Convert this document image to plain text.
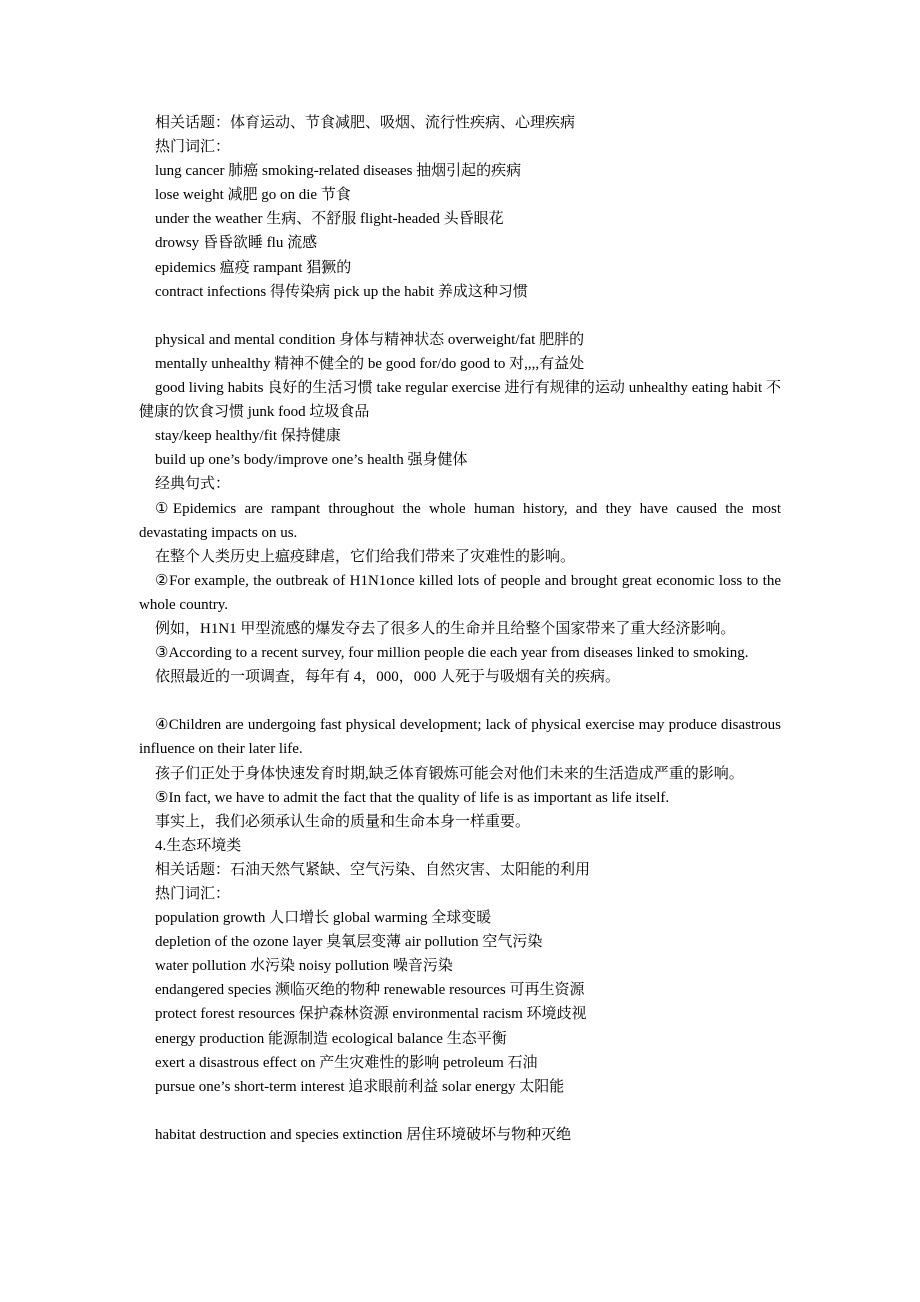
相关话题：体育运动、节食减肥、吸烟、流行性疾病、心理疾病

热门词汇：

lung cancer 肺癌 smoking-related diseases 抽烟引起的疾病

lose weight 减肥 go on die 节食

under the weather 生病、不舒服 flight-headed 头昏眼花

drowsy 昏昏欲睡 flu 流感

epidemics 瘟疫 rampant 猖獗的

contract infections 得传染病 pick up the habit 养成这种习惯

physical and mental condition 身体与精神状态 overweight/fat 肥胖的

mentally unhealthy 精神不健全的 be good for/do good to 对,,,,有益处

good living habits 良好的生活习惯 take regular exercise 进行有规律的运动 unhealthy eating habit 不健康的饮食习惯 junk food 垃圾食品

stay/keep healthy/fit 保持健康

build up one’s body/improve one’s health 强身健体

经典句式：

①Epidemics are rampant throughout the whole human history, and they have caused the most devastating impacts on us.

在整个人类历史上瘟疫肆虐，它们给我们带来了灾难性的影响。

②For example, the outbreak of H1N1once killed lots of people and brought great economic loss to the whole country.

例如，H1N1 甲型流感的爆发夺去了很多人的生命并且给整个国家带来了重大经济影响。

③According to a recent survey, four million people die each year from diseases linked to smoking.

依照最近的一项调查，每年有 4，000，000 人死于与吸烟有关的疾病。

④Children are undergoing fast physical development; lack of physical exercise may produce disastrous influence on their later life.

孩子们正处于身体快速发育时期,缺乏体育锻炼可能会对他们未来的生活造成严重的影响。

⑤In fact, we have to admit the fact that the quality of life is as important as life itself.

事实上，我们必须承认生命的质量和生命本身一样重要。

4.生态环境类

相关话题：石油天然气紧缺、空气污染、自然灾害、太阳能的利用

热门词汇：

population growth 人口增长 global warming 全球变暖

depletion of the ozone layer 臭氧层变薄 air pollution 空气污染

water pollution 水污染 noisy pollution 噪音污染

endangered species 濒临灭绝的物种 renewable resources 可再生资源

protect forest resources 保护森林资源 environmental racism 环境歧视

energy production 能源制造 ecological balance 生态平衡

exert a disastrous effect on 产生灾难性的影响 petroleum 石油

pursue one’s short-term interest 追求眼前利益 solar energy 太阳能

habitat destruction and species extinction 居住环境破坏与物种灭绝
